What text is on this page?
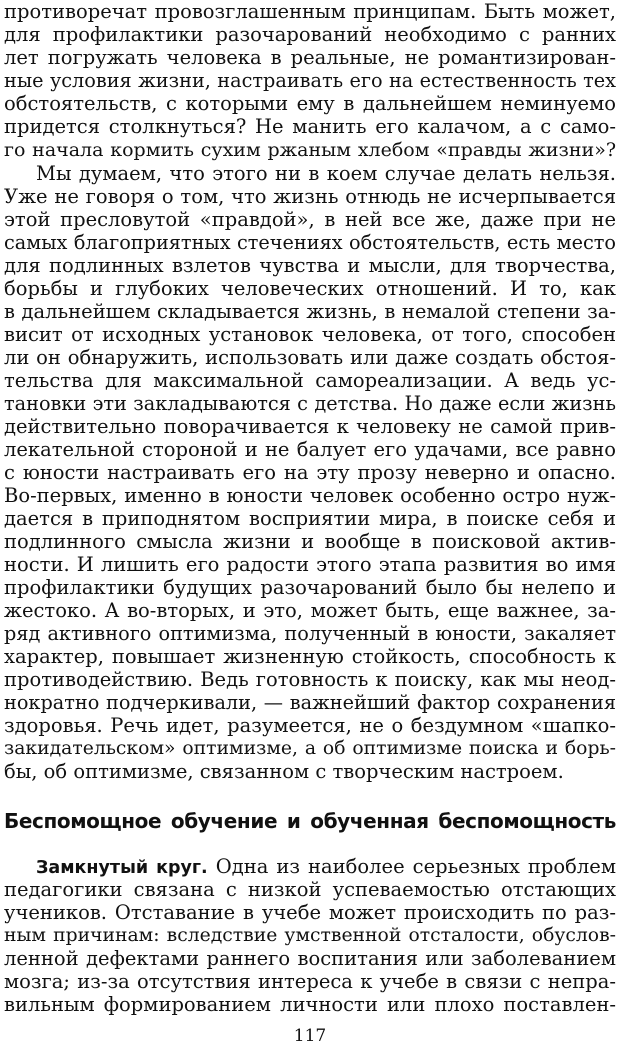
противоречат провозглашенным принципам. Быть может,
для профилактики разочарований необходимо с ранних
лет погружать человека в реальные, не романтизирован-
ные условия жизни, настраивать его на естественность тех
обстоятельств, с которыми ему в дальнейшем неминуемо
придется столкнуться? Не манить его калачом, а с само-
го начала кормить сухим ржаным хлебом «правды жизни»?
Мы думаем, что этого ни в коем случае делать нельзя.
Уже не говоря о том, что жизнь отнюдь не исчерпывается
этой пресловутой «правдой», в ней все же, даже при не
самых благоприятных стечениях обстоятельств, есть место
для подлинных взлетов чувства и мысли, для творчества,
борьбы и глубоких человеческих отношений. И то, как
в дальнейшем складывается жизнь, в немалой степени за-
висит от исходных установок человека, от того, способен
ли он обнаружить, использовать или даже создать обстоя-
тельства для максимальной самореализации. А ведь ус-
тановки эти закладываются с детства. Но даже если жизнь
действительно поворачивается к человеку не самой прив-
лекательной стороной и не балует его удачами, все равно
с юности настраивать его на эту прозу неверно и опасно.
Во-первых, именно в юности человек особенно остро нуж-
дается в приподнятом восприятии мира, в поиске себя и
подлинного смысла жизни и вообще в поисковой актив-
ности. И лишить его радости этого этапа развития во имя
профилактики будущих разочарований было бы нелепо и
жестоко. А во-вторых, и это, может быть, еще важнее, за-
ряд активного оптимизма, полученный в юности, закаляет
характер, повышает жизненную стойкость, способность к
противодействию. Ведь готовность к поиску, как мы неод-
нократно подчеркивали, — важнейший фактор сохранения
здоровья. Речь идет, разумеется, не о бездумном «шапко-
закидательском» оптимизме, а об оптимизме поиска и борь-
бы, об оптимизме, связанном с творческим настроем.
Беспомощное обучение и обученная беспомощность
Замкнутый круг. Одна из наиболее серьезных проблем
педагогики связана с низкой успеваемостью отстающих
учеников. Отставание в учебе может происходить по раз-
ным причинам: вследствие умственной отсталости, обуслов-
ленной дефектами раннего воспитания или заболеванием
мозга; из-за отсутствия интереса к учебе в связи с непра-
вильным формированием личности или плохо поставлен-
117
